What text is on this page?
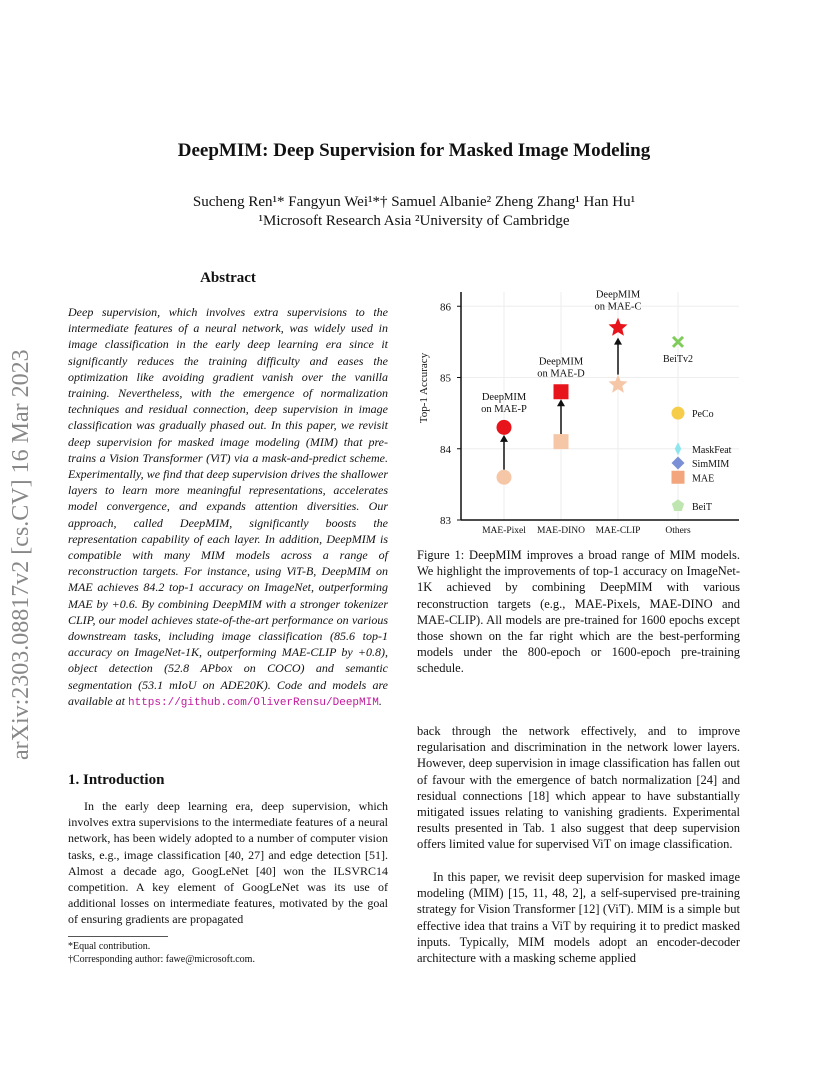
DeepMIM: Deep Supervision for Masked Image Modeling
Sucheng Ren¹* Fangyun Wei¹*† Samuel Albanie² Zheng Zhang¹ Han Hu¹
¹Microsoft Research Asia ²University of Cambridge
arXiv:2303.08817v2 [cs.CV] 16 Mar 2023
Abstract
Deep supervision, which involves extra supervisions to the intermediate features of a neural network, was widely used in image classification in the early deep learning era since it significantly reduces the training difficulty and eases the optimization like avoiding gradient vanish over the vanilla training. Nevertheless, with the emergence of normalization techniques and residual connection, deep supervision in image classification was gradually phased out. In this paper, we revisit deep supervision for masked image modeling (MIM) that pre-trains a Vision Transformer (ViT) via a mask-and-predict scheme. Experimentally, we find that deep supervision drives the shallower layers to learn more meaningful representations, accelerates model convergence, and expands attention diversities. Our approach, called DeepMIM, significantly boosts the representation capability of each layer. In addition, DeepMIM is compatible with many MIM models across a range of reconstruction targets. For instance, using ViT-B, DeepMIM on MAE achieves 84.2 top-1 accuracy on ImageNet, outperforming MAE by +0.6. By combining DeepMIM with a stronger tokenizer CLIP, our model achieves state-of-the-art performance on various downstream tasks, including image classification (85.6 top-1 accuracy on ImageNet-1K, outperforming MAE-CLIP by +0.8), object detection (52.8 APbox on COCO) and semantic segmentation (53.1 mIoU on ADE20K). Code and models are available at https://github.com/OliverRensu/DeepMIM.
1. Introduction
In the early deep learning era, deep supervision, which involves extra supervisions to the intermediate features of a neural network, has been widely adopted to a number of computer vision tasks, e.g., image classification [40, 27] and edge detection [51]. Almost a decade ago, GoogLeNet [40] won the ILSVRC14 competition. A key element of GoogLeNet was its use of additional losses on intermediate features, motivated by the goal of ensuring gradients are propagated
*Equal contribution.
†Corresponding author: fawe@microsoft.com.
83
84
85
86
MAE-Pixel MAE-DINO MAE-CLIP	Others
Top-1 Accuracy	DeepMIM on MAE-P
DeepMIM on MAE-D
DeepMIM on MAE-C
BeiTv2
PeCo
MaskFeat
SimMIM
MAE
BeiT
Figure 1: DeepMIM improves a broad range of MIM models. We highlight the improvements of top-1 accuracy on ImageNet-1K achieved by combining DeepMIM with various reconstruction targets (e.g., MAE-Pixels, MAE-DINO and MAE-CLIP). All models are pre-trained for 1600 epochs except those shown on the far right which are the best-performing models under the 800-epoch or 1600-epoch pre-training schedule.
back through the network effectively, and to improve regularisation and discrimination in the network lower layers. However, deep supervision in image classification has fallen out of favour with the emergence of batch normalization [24] and residual connections [18] which appear to have substantially mitigated issues relating to vanishing gradients. Experimental results presented in Tab. 1 also suggest that deep supervision offers limited value for supervised ViT on image classification.
In this paper, we revisit deep supervision for masked image modeling (MIM) [15, 11, 48, 2], a self-supervised pre-training strategy for Vision Transformer [12] (ViT). MIM is a simple but effective idea that trains a ViT by requiring it to predict masked inputs. Typically, MIM models adopt an encoder-decoder architecture with a masking scheme applied
